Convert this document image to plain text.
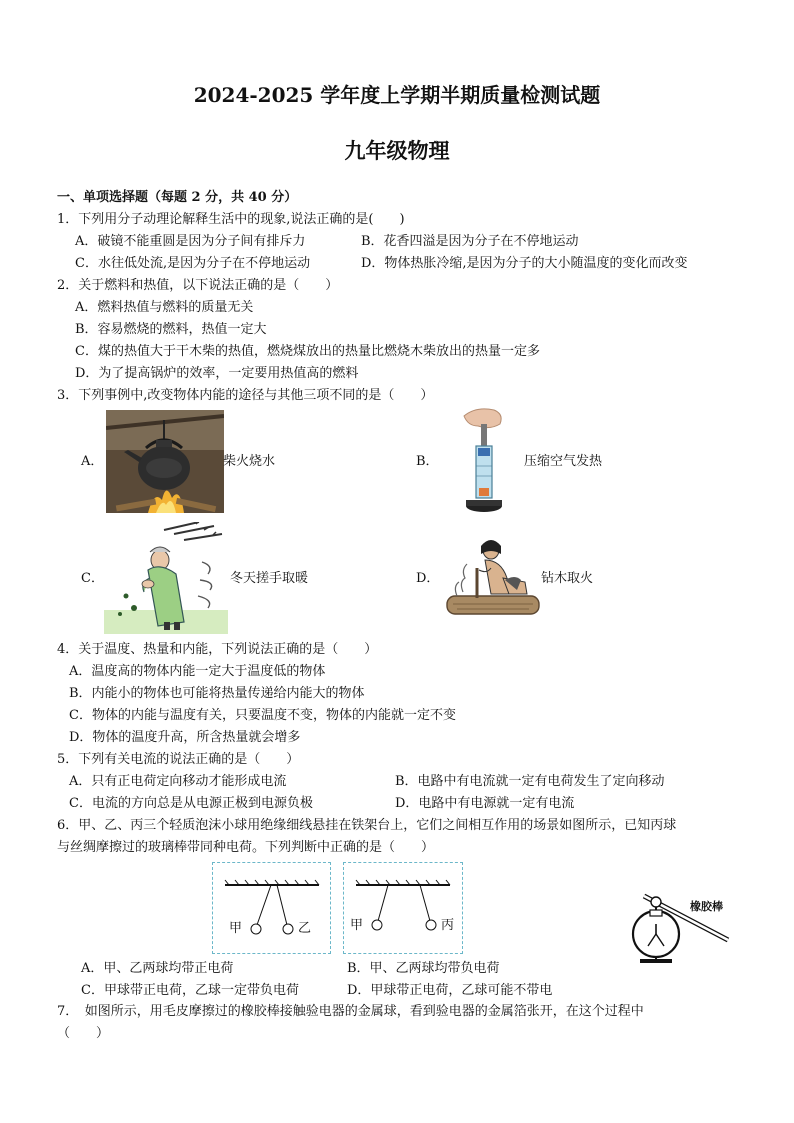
2024-2025 学年度上学期半期质量检测试题
九年级物理
一、单项选择题（每题 2 分，共 40 分）
1．下列用分子动理论解释生活中的现象,说法正确的是(　　)
A．破镜不能重圆是因为分子间有排斥力	B．花香四溢是因为分子在不停地运动
C．水往低处流,是因为分子在不停地运动	D．物体热胀冷缩,是因为分子的大小随温度的变化而改变
2．关于燃料和热值，以下说法正确的是（　　）
A．燃料热值与燃料的质量无关
B．容易燃烧的燃料，热值一定大
C．煤的热值大于干木柴的热值，燃烧煤放出的热量比燃烧木柴放出的热量一定多
D．为了提高锅炉的效率，一定要用热值高的燃料
3．下列事例中,改变物体内能的途径与其他三项不同的是（　　）
A．	柴火烧水	B．	压缩空气发热
C．	冬天搓手取暖	D．	钻木取火
4．关于温度、热量和内能，下列说法正确的是（　　）
A．温度高的物体内能一定大于温度低的物体
B．内能小的物体也可能将热量传递给内能大的物体
C．物体的内能与温度有关，只要温度不变，物体的内能就一定不变
D．物体的温度升高，所含热量就会增多
5．下列有关电流的说法正确的是（　　）
A．只有正电荷定向移动才能形成电流	B．电路中有电流就一定有电荷发生了定向移动
C．电流的方向总是从电源正极到电源负极	D．电路中有电源就一定有电流
6．甲、乙、丙三个轻质泡沫小球用绝缘细线悬挂在铁架台上，它们之间相互作用的场景如图所示，已知丙球
与丝绸摩擦过的玻璃棒带同种电荷。下列判断中正确的是（　　）
甲	乙	甲	丙
橡胶棒
A．甲、乙两球均带正电荷	B．甲、乙两球均带负电荷
C．甲球带正电荷，乙球一定带负电荷	D．甲球带正电荷，乙球可能不带电
7．　如图所示，用毛皮摩擦过的橡胶棒接触验电器的金属球，看到验电器的金属箔张开，在这个过程中
（　　）
